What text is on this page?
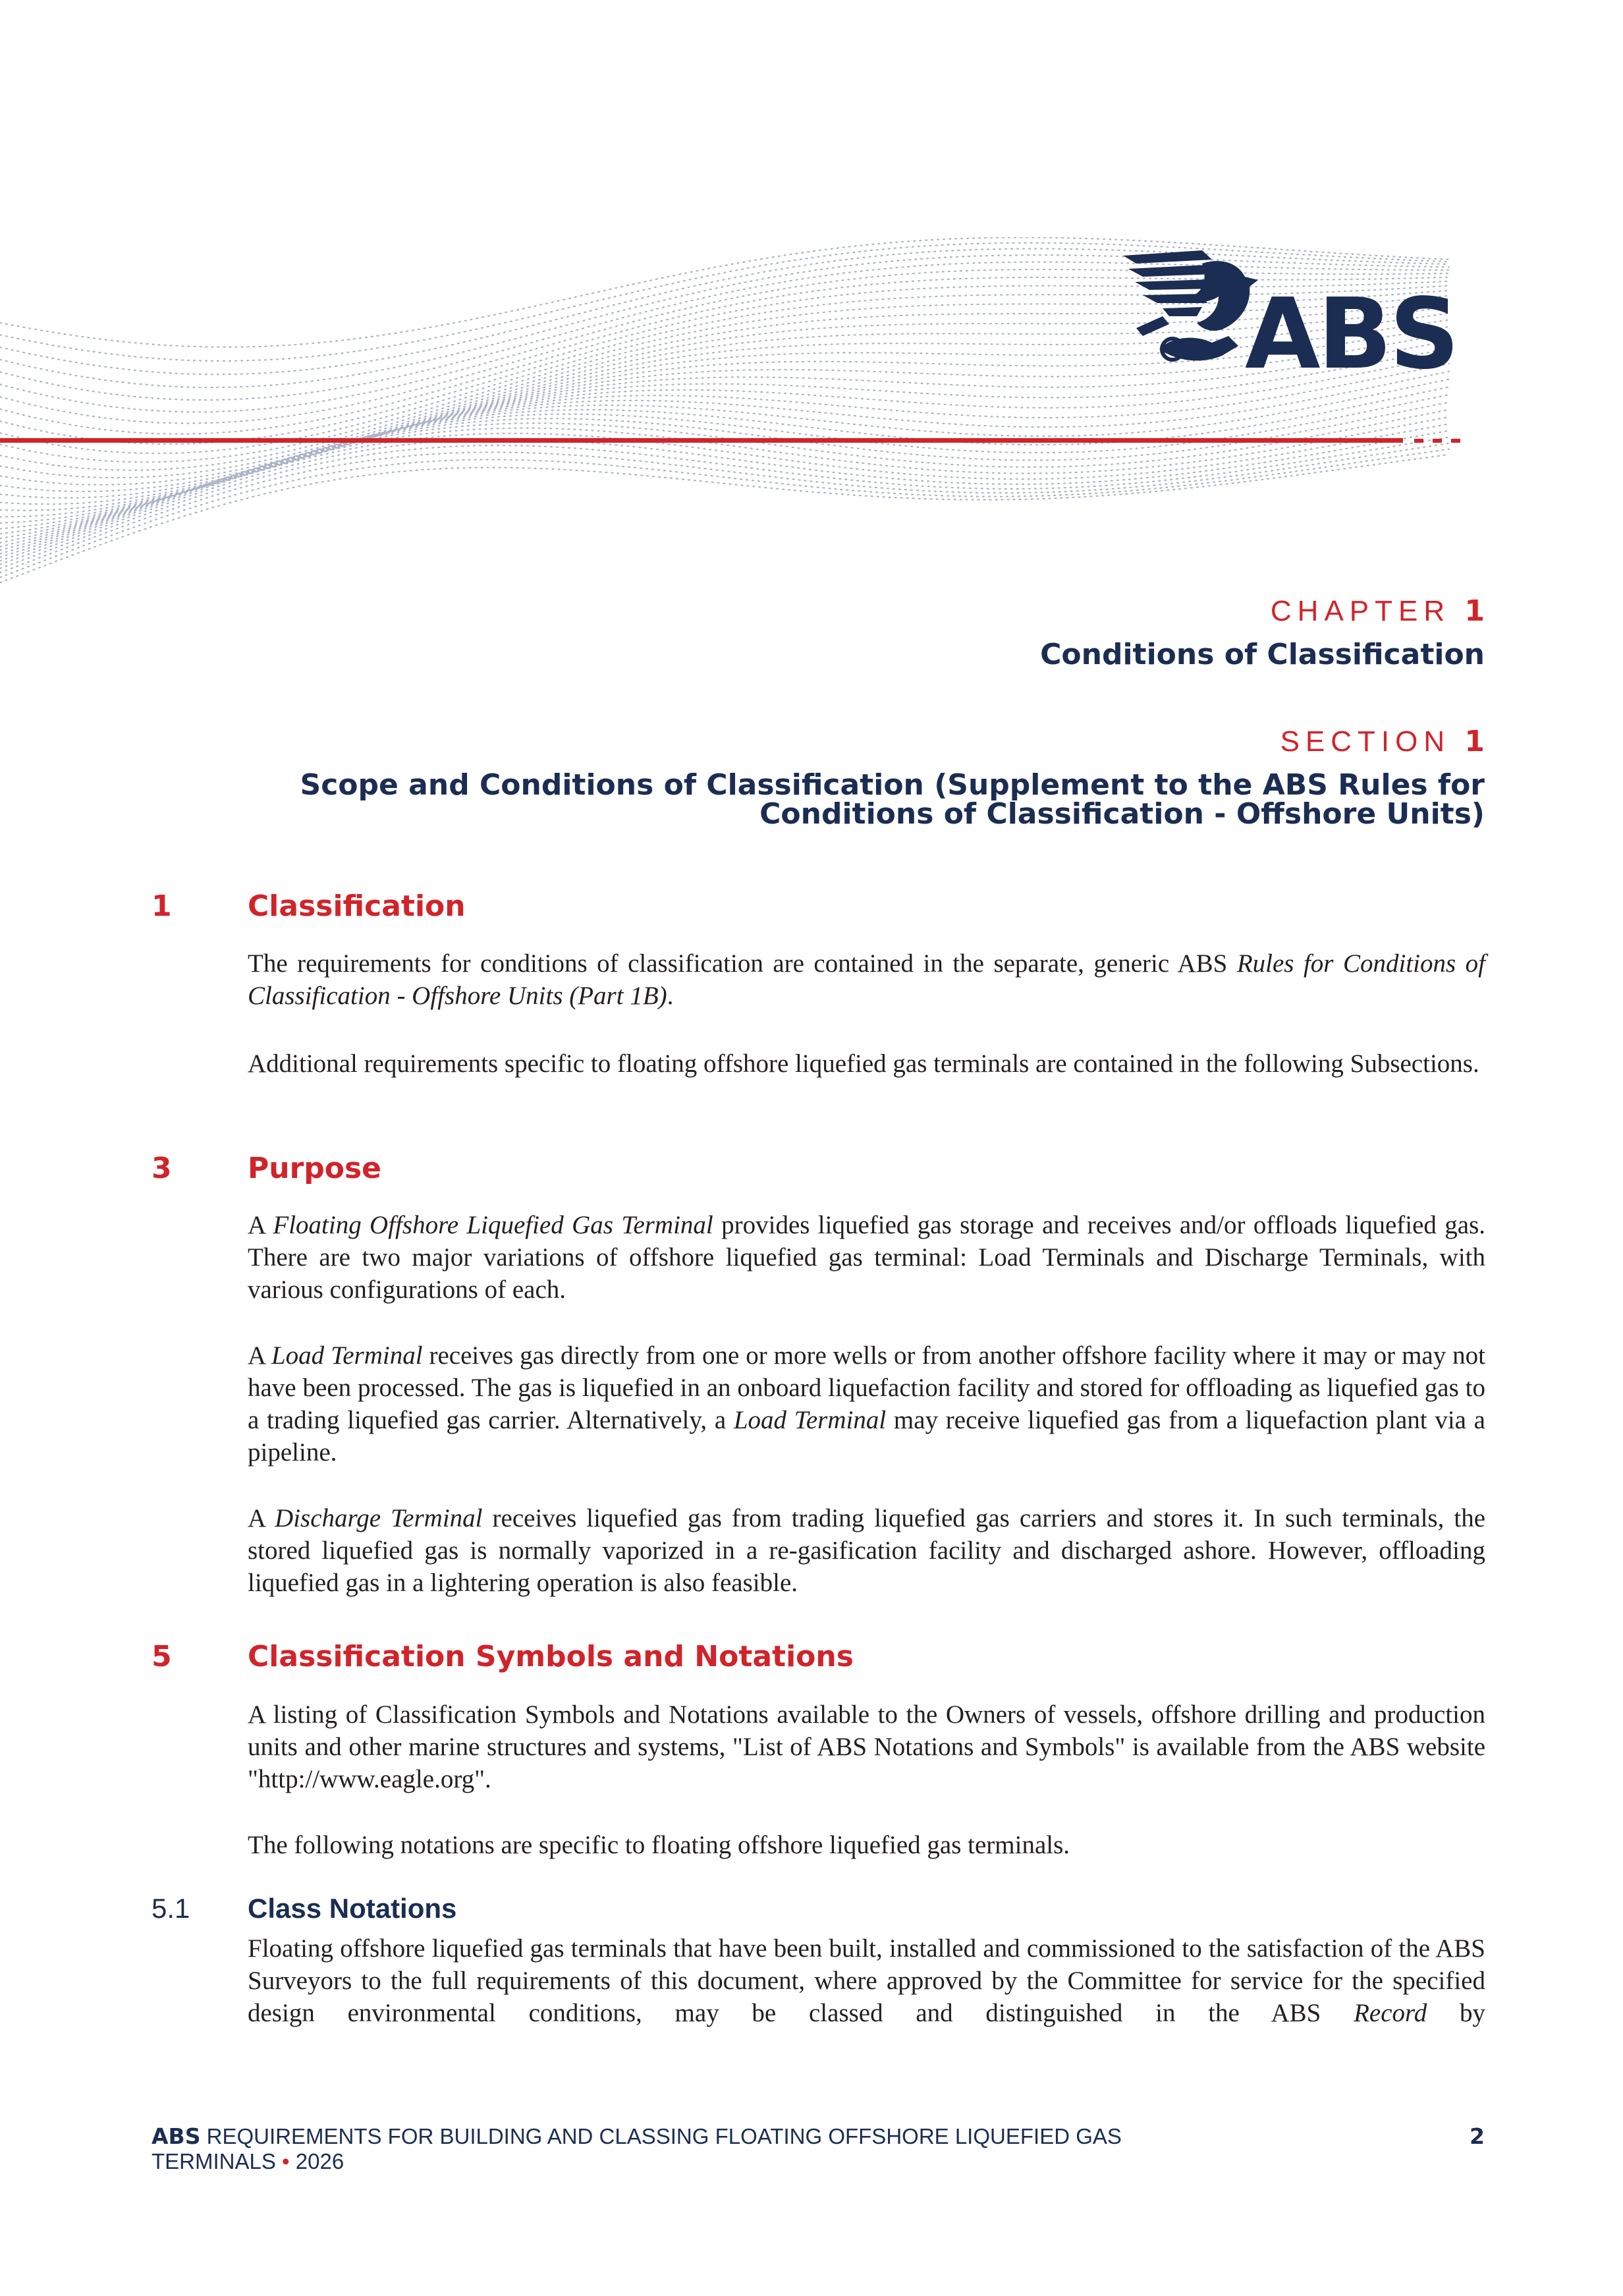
ABS
CHAPTER 1
Conditions of Classification
SECTION 1
Scope and Conditions of Classification (Supplement to the ABS Rules for
Conditions of Classification - Offshore Units)
1	Classification

The requirements for conditions of classification are contained in the separate, generic ABS Rules for Conditions of Classification - Offshore Units (Part 1B).

Additional requirements specific to floating offshore liquefied gas terminals are contained in the following Subsections.

3	Purpose

A Floating Offshore Liquefied Gas Terminal provides liquefied gas storage and receives and/or offloads liquefied gas. There are two major variations of offshore liquefied gas terminal: Load Terminals and Discharge Terminals, with various configurations of each.

A Load Terminal receives gas directly from one or more wells or from another offshore facility where it may or may not have been processed. The gas is liquefied in an onboard liquefaction facility and stored for offloading as liquefied gas to a trading liquefied gas carrier. Alternatively, a Load Terminal may receive liquefied gas from a liquefaction plant via a pipeline.

A Discharge Terminal receives liquefied gas from trading liquefied gas carriers and stores it. In such terminals, the stored liquefied gas is normally vaporized in a re-gasification facility and discharged ashore. However, offloading liquefied gas in a lightering operation is also feasible.

5	Classification Symbols and Notations

A listing of Classification Symbols and Notations available to the Owners of vessels, offshore drilling and production units and other marine structures and systems, "List of ABS Notations and Symbols" is available from the ABS website "http://www.eagle.org".

The following notations are specific to floating offshore liquefied gas terminals.

5.1 Class Notations

Floating offshore liquefied gas terminals that have been built, installed and commissioned to the satisfaction of the ABS Surveyors to the full requirements of this document, where approved by the Committee for service for the specified design environmental conditions, may be classed and distinguished in the ABS Record by

ABS REQUIREMENTS FOR BUILDING AND CLASSING FLOATING OFFSHORE LIQUEFIED GAS
TERMINALS • 2026
2
